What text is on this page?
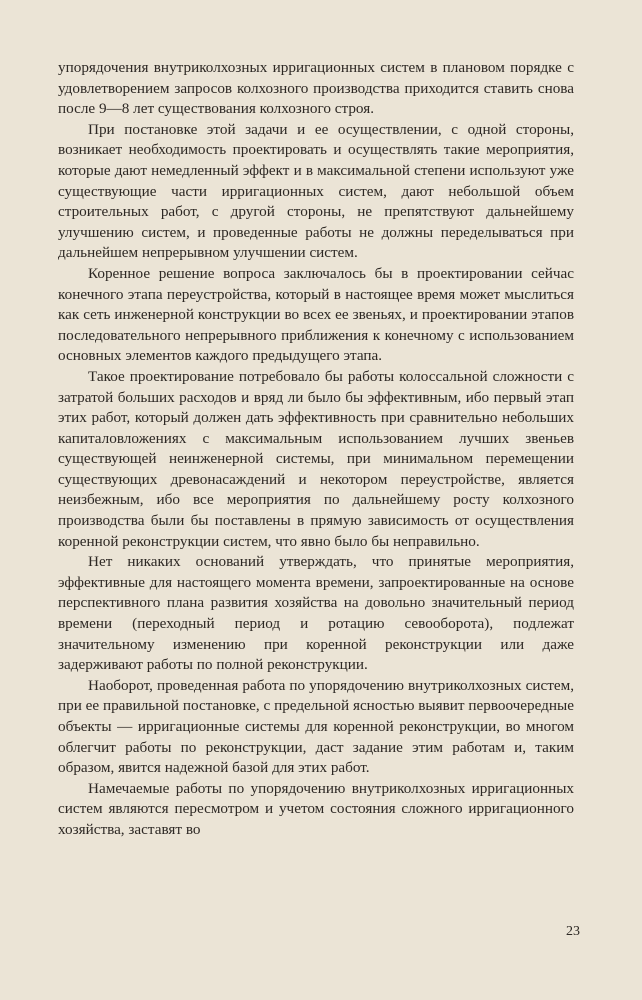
упорядочения внутриколхозных ирригационных систем в плановом порядке с удовлетворением запросов колхозного производства приходится ставить снова после 9—8 лет существования колхозного строя.

При постановке этой задачи и ее осуществлении, с одной стороны, возникает необходимость проектировать и осуществлять такие мероприятия, которые дают немедленный эффект и в максимальной степени используют уже существующие части ирригационных систем, дают небольшой объем строительных работ, с другой стороны, не препятствуют дальнейшему улучшению систем, и проведенные работы не должны переделываться при дальнейшем непрерывном улучшении систем.

Коренное решение вопроса заключалось бы в проектировании сейчас конечного этапа переустройства, который в настоящее время может мыслиться как сеть инженерной конструкции во всех ее звеньях, и проектировании этапов последовательного непрерывного приближения к конечному с использованием основных элементов каждого предыдущего этапа.

Такое проектирование потребовало бы работы колоссальной сложности с затратой больших расходов и вряд ли было бы эффективным, ибо первый этап этих работ, который должен дать эффективность при сравнительно небольших капиталовложениях с максимальным использованием лучших звеньев существующей неинженерной системы, при минимальном перемещении существующих древонасаждений и некотором переустройстве, является неизбежным, ибо все мероприятия по дальнейшему росту колхозного производства были бы поставлены в прямую зависимость от осуществления коренной реконструкции систем, что явно было бы неправильно.

Нет никаких оснований утверждать, что принятые мероприятия, эффективные для настоящего момента времени, запроектированные на основе перспективного плана развития хозяйства на довольно значительный период времени (переходный период и ротацию севооборота), подлежат значительному изменению при коренной реконструкции или даже задерживают работы по полной реконструкции.

Наоборот, проведенная работа по упорядочению внутриколхозных систем, при ее правильной постановке, с предельной ясностью выявит первоочередные объекты — ирригационные системы для коренной реконструкции, во многом облегчит работы по реконструкции, даст задание этим работам и, таким образом, явится надежной базой для этих работ.

Намечаемые работы по упорядочению внутриколхозных ирригационных систем являются пересмотром и учетом состояния сложного ирригационного хозяйства, заставят во

23
